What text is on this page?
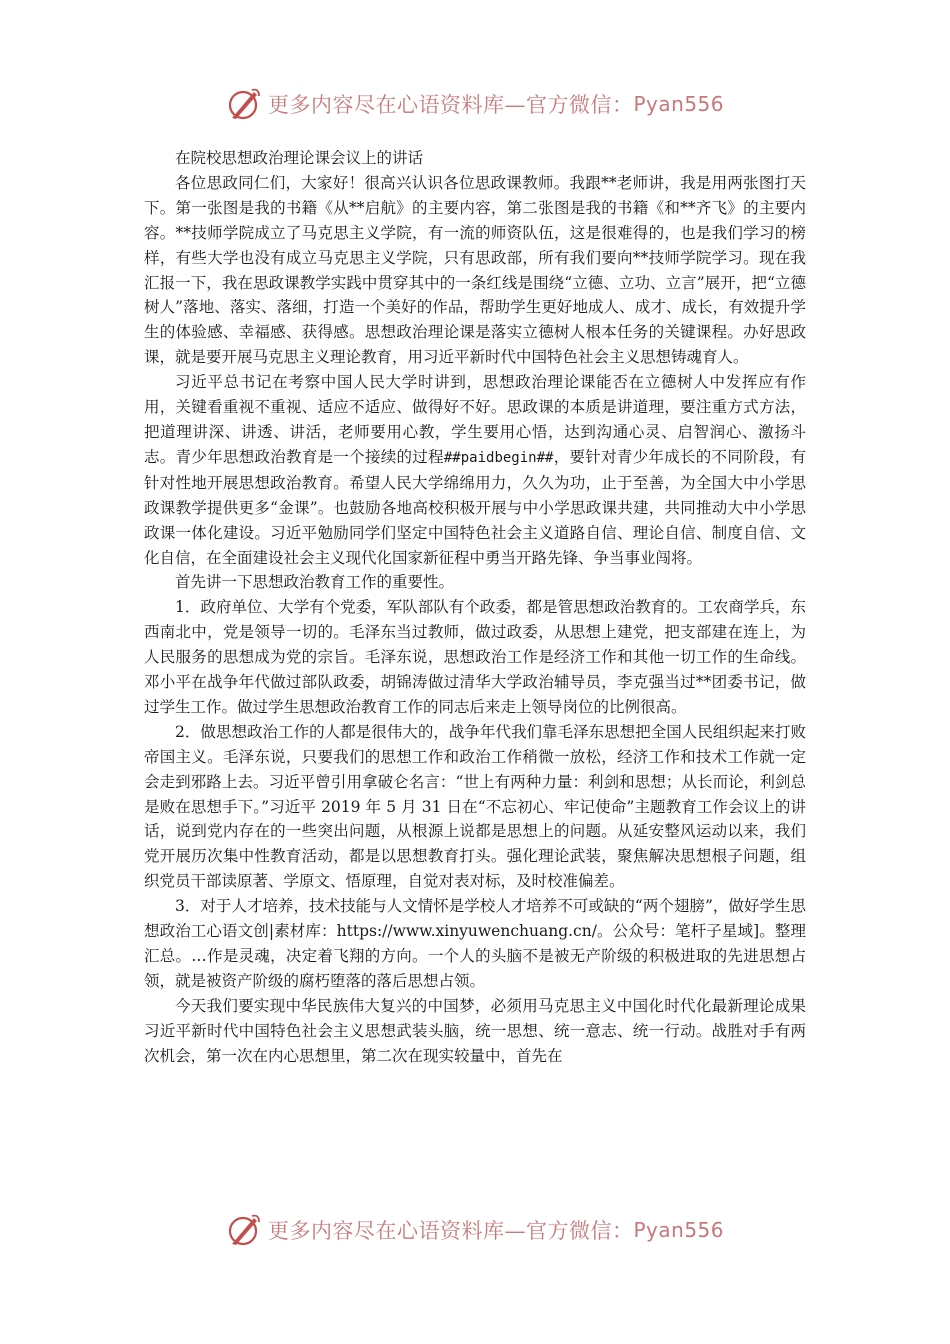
更多内容尽在心语资料库—官方微信： Pyan556

在院校思想政治理论课会议上的讲话

各位思政同仁们，大家好！很高兴认识各位思政课教师。我跟**老师讲，我是用两张图打天下。第一张图是我的书籍《从**启航》的主要内容，第二张图是我的书籍《和**齐飞》的主要内容。**技师学院成立了马克思主义学院，有一流的师资队伍，这是很难得的，也是我们学习的榜样，有些大学也没有成立马克思主义学院，只有思政部，所有我们要向**技师学院学习。现在我汇报一下，我在思政课教学实践中贯穿其中的一条红线是围绕“立德、立功、立言”展开，把“立德树人”落地、落实、落细，打造一个美好的作品，帮助学生更好地成人、成才、成长，有效提升学生的体验感、幸福感、获得感。思想政治理论课是落实立德树人根本任务的关键课程。办好思政课，就是要开展马克思主义理论教育，用习近平新时代中国特色社会主义思想铸魂育人。

习近平总书记在考察中国人民大学时讲到，思想政治理论课能否在立德树人中发挥应有作用，关键看重视不重视、适应不适应、做得好不好。思政课的本质是讲道理，要注重方式方法，把道理讲深、讲透、讲活，老师要用心教，学生要用心悟，达到沟通心灵、启智润心、激扬斗志。青少年思想政治教育是一个接续的过程##paidbegin##，要针对青少年成长的不同阶段，有针对性地开展思想政治教育。希望人民大学绵绵用力，久久为功，止于至善，为全国大中小学思政课教学提供更多“金课”。也鼓励各地高校积极开展与中小学思政课共建，共同推动大中小学思政课一体化建设。习近平勉励同学们坚定中国特色社会主义道路自信、理论自信、制度自信、文化自信，在全面建设社会主义现代化国家新征程中勇当开路先锋、争当事业闯将。

首先讲一下思想政治教育工作的重要性。

1．政府单位、大学有个党委，军队部队有个政委，都是管思想政治教育的。工农商学兵，东西南北中，党是领导一切的。毛泽东当过教师，做过政委，从思想上建党，把支部建在连上，为人民服务的思想成为党的宗旨。毛泽东说，思想政治工作是经济工作和其他一切工作的生命线。邓小平在战争年代做过部队政委，胡锦涛做过清华大学政治辅导员，李克强当过**团委书记，做过学生工作。做过学生思想政治教育工作的同志后来走上领导岗位的比例很高。

2．做思想政治工作的人都是很伟大的，战争年代我们靠毛泽东思想把全国人民组织起来打败帝国主义。毛泽东说，只要我们的思想工作和政治工作稍微一放松，经济工作和技术工作就一定会走到邪路上去。习近平曾引用拿破仑名言：“世上有两种力量：利剑和思想；从长而论，利剑总是败在思想手下。”习近平 2019 年 5 月 31 日在“不忘初心、牢记使命”主题教育工作会议上的讲话，说到党内存在的一些突出问题，从根源上说都是思想上的问题。从延安整风运动以来，我们党开展历次集中性教育活动，都是以思想教育打头。强化理论武装，聚焦解决思想根子问题，组织党员干部读原著、学原文、悟原理，自觉对表对标，及时校准偏差。

3．对于人才培养，技术技能与人文情怀是学校人才培养不可或缺的“两个翅膀”，做好学生思想政治工心语文创|素材库：https://www.xinyuwenchuang.cn/。公众号：笔杆子星域]。整理汇总。…作是灵魂，决定着飞翔的方向。一个人的头脑不是被无产阶级的积极进取的先进思想占领，就是被资产阶级的腐朽堕落的落后思想占领。

今天我们要实现中华民族伟大复兴的中国梦，必须用马克思主义中国化时代化最新理论成果习近平新时代中国特色社会主义思想武装头脑，统一思想、统一意志、统一行动。战胜对手有两次机会，第一次在内心思想里，第二次在现实较量中，首先在

更多内容尽在心语资料库—官方微信： Pyan556
